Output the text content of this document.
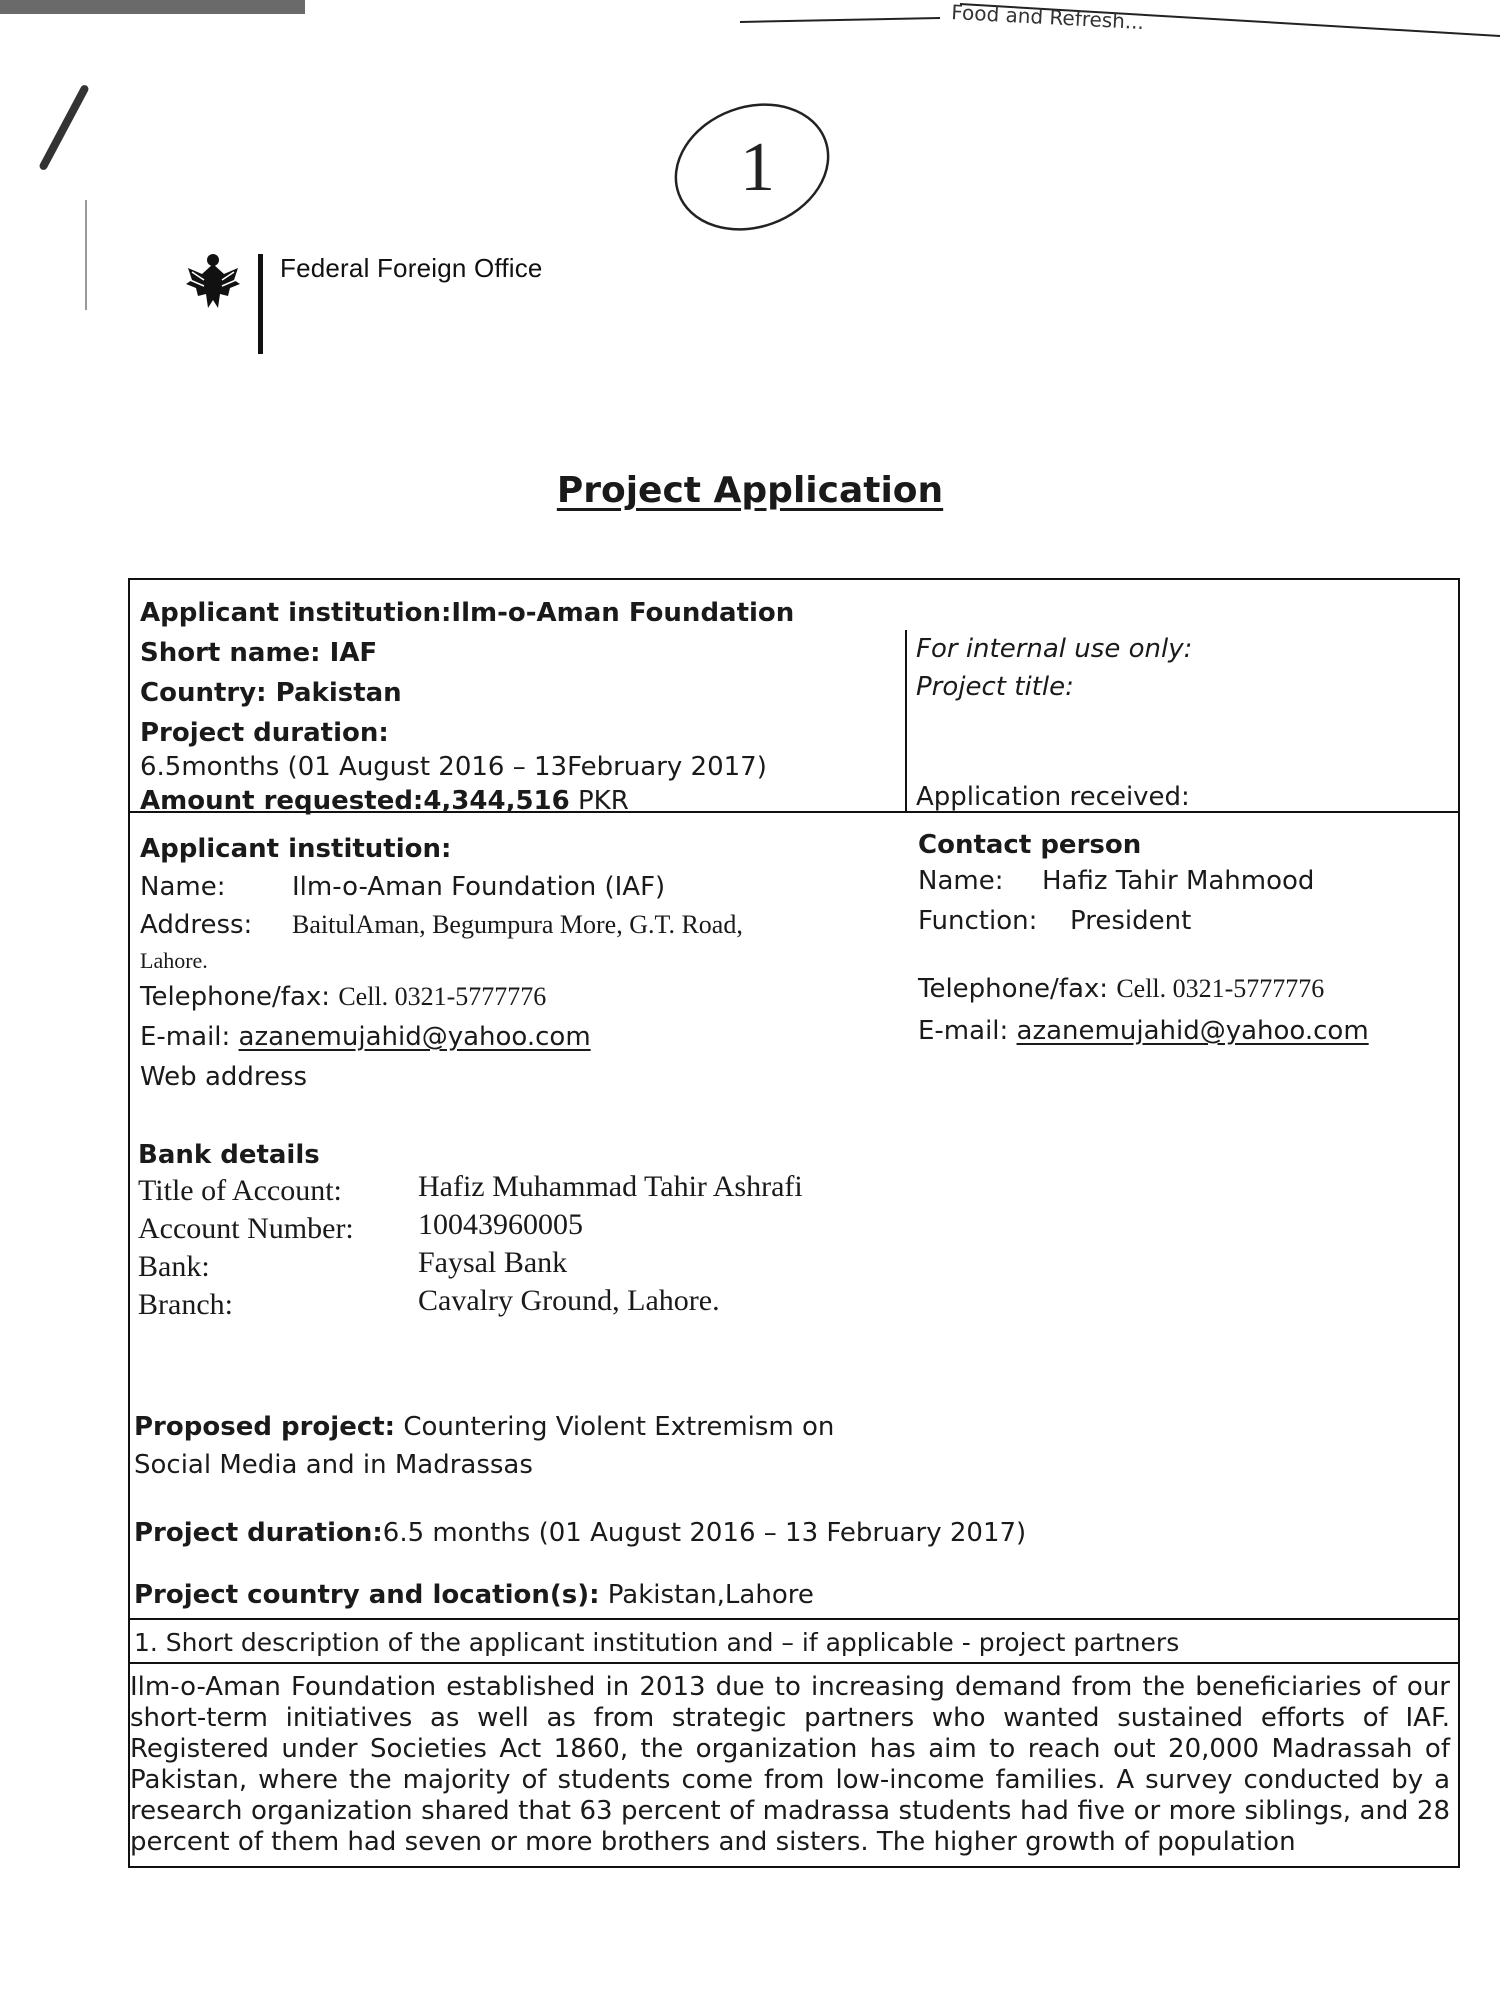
Food and Refresh...
1
Federal Foreign Office
Project Application
Applicant institution:Ilm-o-Aman Foundation
Short name: IAF
Country: Pakistan
Project duration:
6.5months (01 August 2016 – 13February 2017)
Amount requested:4,344,516 PKR
For internal use only:
Project title:
Application received:
Applicant institution:
Name:	Ilm-o-Aman Foundation (IAF)
Address: BaitulAman, Begumpura More, G.T. Road,
Lahore.
Telephone/fax: Cell. 0321-5777776
E-mail: azanemujahid@yahoo.com
Web address
Contact person
Name: Hafiz Tahir Mahmood
Function: President
Telephone/fax: Cell. 0321-5777776
E-mail: azanemujahid@yahoo.com
Bank details
Title of Account:	Hafiz Muhammad Tahir Ashrafi
Account Number: 10043960005
Bank:	Faysal Bank
Branch:	Cavalry Ground, Lahore.
Proposed project: Countering Violent Extremism on
Social Media and in Madrassas
Project duration:6.5 months (01 August 2016 – 13 February 2017)
Project country and location(s): Pakistan,Lahore
1. Short description of the applicant institution and – if applicable - project partners
Ilm-o-Aman Foundation established in 2013 due to increasing demand from the beneficiaries of our short-term initiatives as well as from strategic partners who wanted sustained efforts of IAF. Registered under Societies Act 1860, the organization has aim to reach out 20,000 Madrassah of Pakistan, where the majority of students come from low-income families. A survey conducted by a research organization shared that 63 percent of madrassa students had five or more siblings, and 28 percent of them had seven or more brothers and sisters. The higher growth of population
